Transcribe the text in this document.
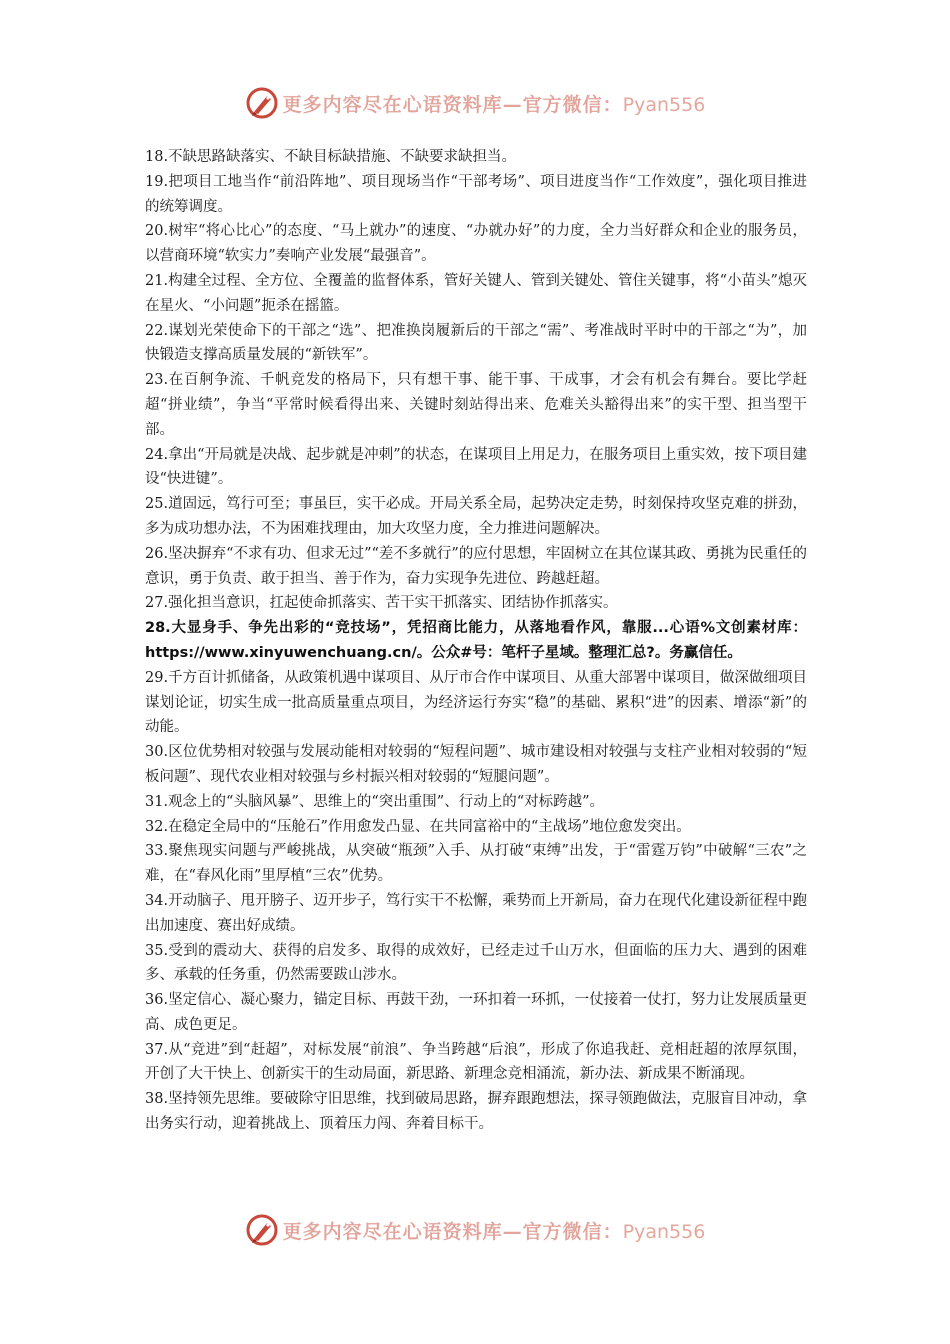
更多内容尽在心语资料库—官方微信：Pyan556

18.不缺思路缺落实、不缺目标缺措施、不缺要求缺担当。

19.把项目工地当作“前沿阵地”、项目现场当作“干部考场”、项目进度当作“工作效度”，强化项目推进的统筹调度。

20.树牢“将心比心”的态度、“马上就办”的速度、“办就办好”的力度，全力当好群众和企业的服务员，以营商环境“软实力”奏响产业发展“最强音”。

21.构建全过程、全方位、全覆盖的监督体系，管好关键人、管到关键处、管住关键事，将“小苗头”熄灭在星火、“小问题”扼杀在摇篮。

22.谋划光荣使命下的干部之“选”、把准换岗履新后的干部之“需”、考准战时平时中的干部之“为”，加快锻造支撑高质量发展的“新铁军”。

23.在百舸争流、千帆竞发的格局下，只有想干事、能干事、干成事，才会有机会有舞台。要比学赶超“拼业绩”，争当“平常时候看得出来、关键时刻站得出来、危难关头豁得出来”的实干型、担当型干部。

24.拿出“开局就是决战、起步就是冲刺”的状态，在谋项目上用足力，在服务项目上重实效，按下项目建设“快进键”。

25.道固远，笃行可至；事虽巨，实干必成。开局关系全局，起势决定走势，时刻保持攻坚克难的拼劲，多为成功想办法，不为困难找理由，加大攻坚力度，全力推进问题解决。

26.坚决摒弃“不求有功、但求无过”“差不多就行”的应付思想，牢固树立在其位谋其政、勇挑为民重任的意识，勇于负责、敢于担当、善于作为，奋力实现争先进位、跨越赶超。

27.强化担当意识，扛起使命抓落实、苦干实干抓落实、团结协作抓落实。

28.大显身手、争先出彩的“竞技场”，凭招商比能力，从落地看作风，靠服...心语%文创素材库：https://www.xinyuwenchuang.cn/。公众#号：笔杆子星域。整理汇总?。务赢信任。

29.千方百计抓储备，从政策机遇中谋项目、从厅市合作中谋项目、从重大部署中谋项目，做深做细项目谋划论证，切实生成一批高质量重点项目，为经济运行夯实“稳”的基础、累积“进”的因素、增添“新”的动能。

30.区位优势相对较强与发展动能相对较弱的“短程问题”、城市建设相对较强与支柱产业相对较弱的“短板问题”、现代农业相对较强与乡村振兴相对较弱的“短腿问题”。

31.观念上的“头脑风暴”、思维上的“突出重围”、行动上的“对标跨越”。

32.在稳定全局中的“压舱石”作用愈发凸显、在共同富裕中的“主战场”地位愈发突出。

33.聚焦现实问题与严峻挑战，从突破“瓶颈”入手、从打破“束缚”出发，于“雷霆万钧”中破解“三农”之难，在“春风化雨”里厚植“三农”优势。

34.开动脑子、甩开膀子、迈开步子，笃行实干不松懈，乘势而上开新局，奋力在现代化建设新征程中跑出加速度、赛出好成绩。

35.受到的震动大、获得的启发多、取得的成效好，已经走过千山万水，但面临的压力大、遇到的困难多、承载的任务重，仍然需要跋山涉水。

36.坚定信心、凝心聚力，锚定目标、再鼓干劲，一环扣着一环抓，一仗接着一仗打，努力让发展质量更高、成色更足。

37.从“竞进”到“赶超”，对标发展“前浪”、争当跨越“后浪”，形成了你追我赶、竞相赶超的浓厚氛围，开创了大干快上、创新实干的生动局面，新思路、新理念竞相涌流，新办法、新成果不断涌现。

38.坚持领先思维。要破除守旧思维，找到破局思路，摒弃跟跑想法，探寻领跑做法，克服盲目冲动，拿出务实行动，迎着挑战上、顶着压力闯、奔着目标干。

更多内容尽在心语资料库—官方微信：Pyan556
